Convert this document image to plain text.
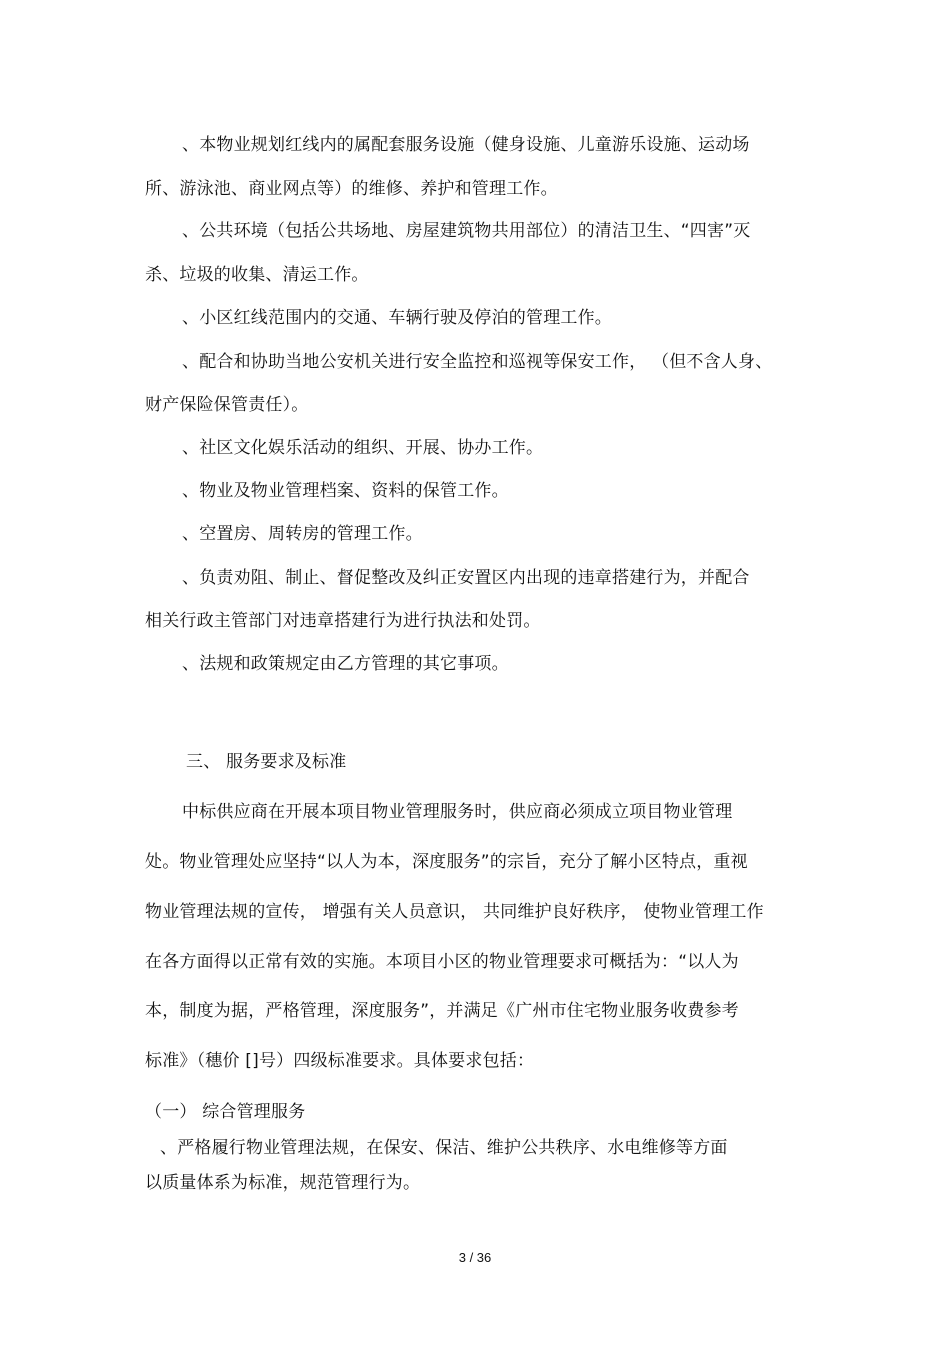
、本物业规划红线内的属配套服务设施（健身设施、儿童游乐设施、运动场
所、游泳池、商业网点等）的维修、养护和管理工作。
、公共环境（包括公共场地、房屋建筑物共用部位）的清洁卫生、“四害”灭
杀、垃圾的收集、清运工作。
、小区红线范围内的交通、车辆行驶及停泊的管理工作。
、配合和协助当地公安机关进行安全监控和巡视等保安工作， （但不含人身、
财产保险保管责任）。
、社区文化娱乐活动的组织、开展、协办工作。
、物业及物业管理档案、资料的保管工作。
、空置房、周转房的管理工作。
、负责劝阻、制止、督促整改及纠正安置区内出现的违章搭建行为，并配合
相关行政主管部门对违章搭建行为进行执法和处罚。
、法规和政策规定由乙方管理的其它事项。
三、 服务要求及标准
中标供应商在开展本项目物业管理服务时，供应商必须成立项目物业管理
处。物业管理处应坚持“以人为本，深度服务”的宗旨，充分了解小区特点，重视
物业管理法规的宣传， 增强有关人员意识， 共同维护良好秩序， 使物业管理工作
在各方面得以正常有效的实施。本项目小区的物业管理要求可概括为：“以人为
本，制度为据，严格管理，深度服务”，并满足《广州市住宅物业服务收费参考
标准》（穗价 []号）四级标准要求。具体要求包括：
（一） 综合管理服务
、严格履行物业管理法规，在保安、保洁、维护公共秩序、水电维修等方面
以质量体系为标准，规范管理行为。
3 / 36
